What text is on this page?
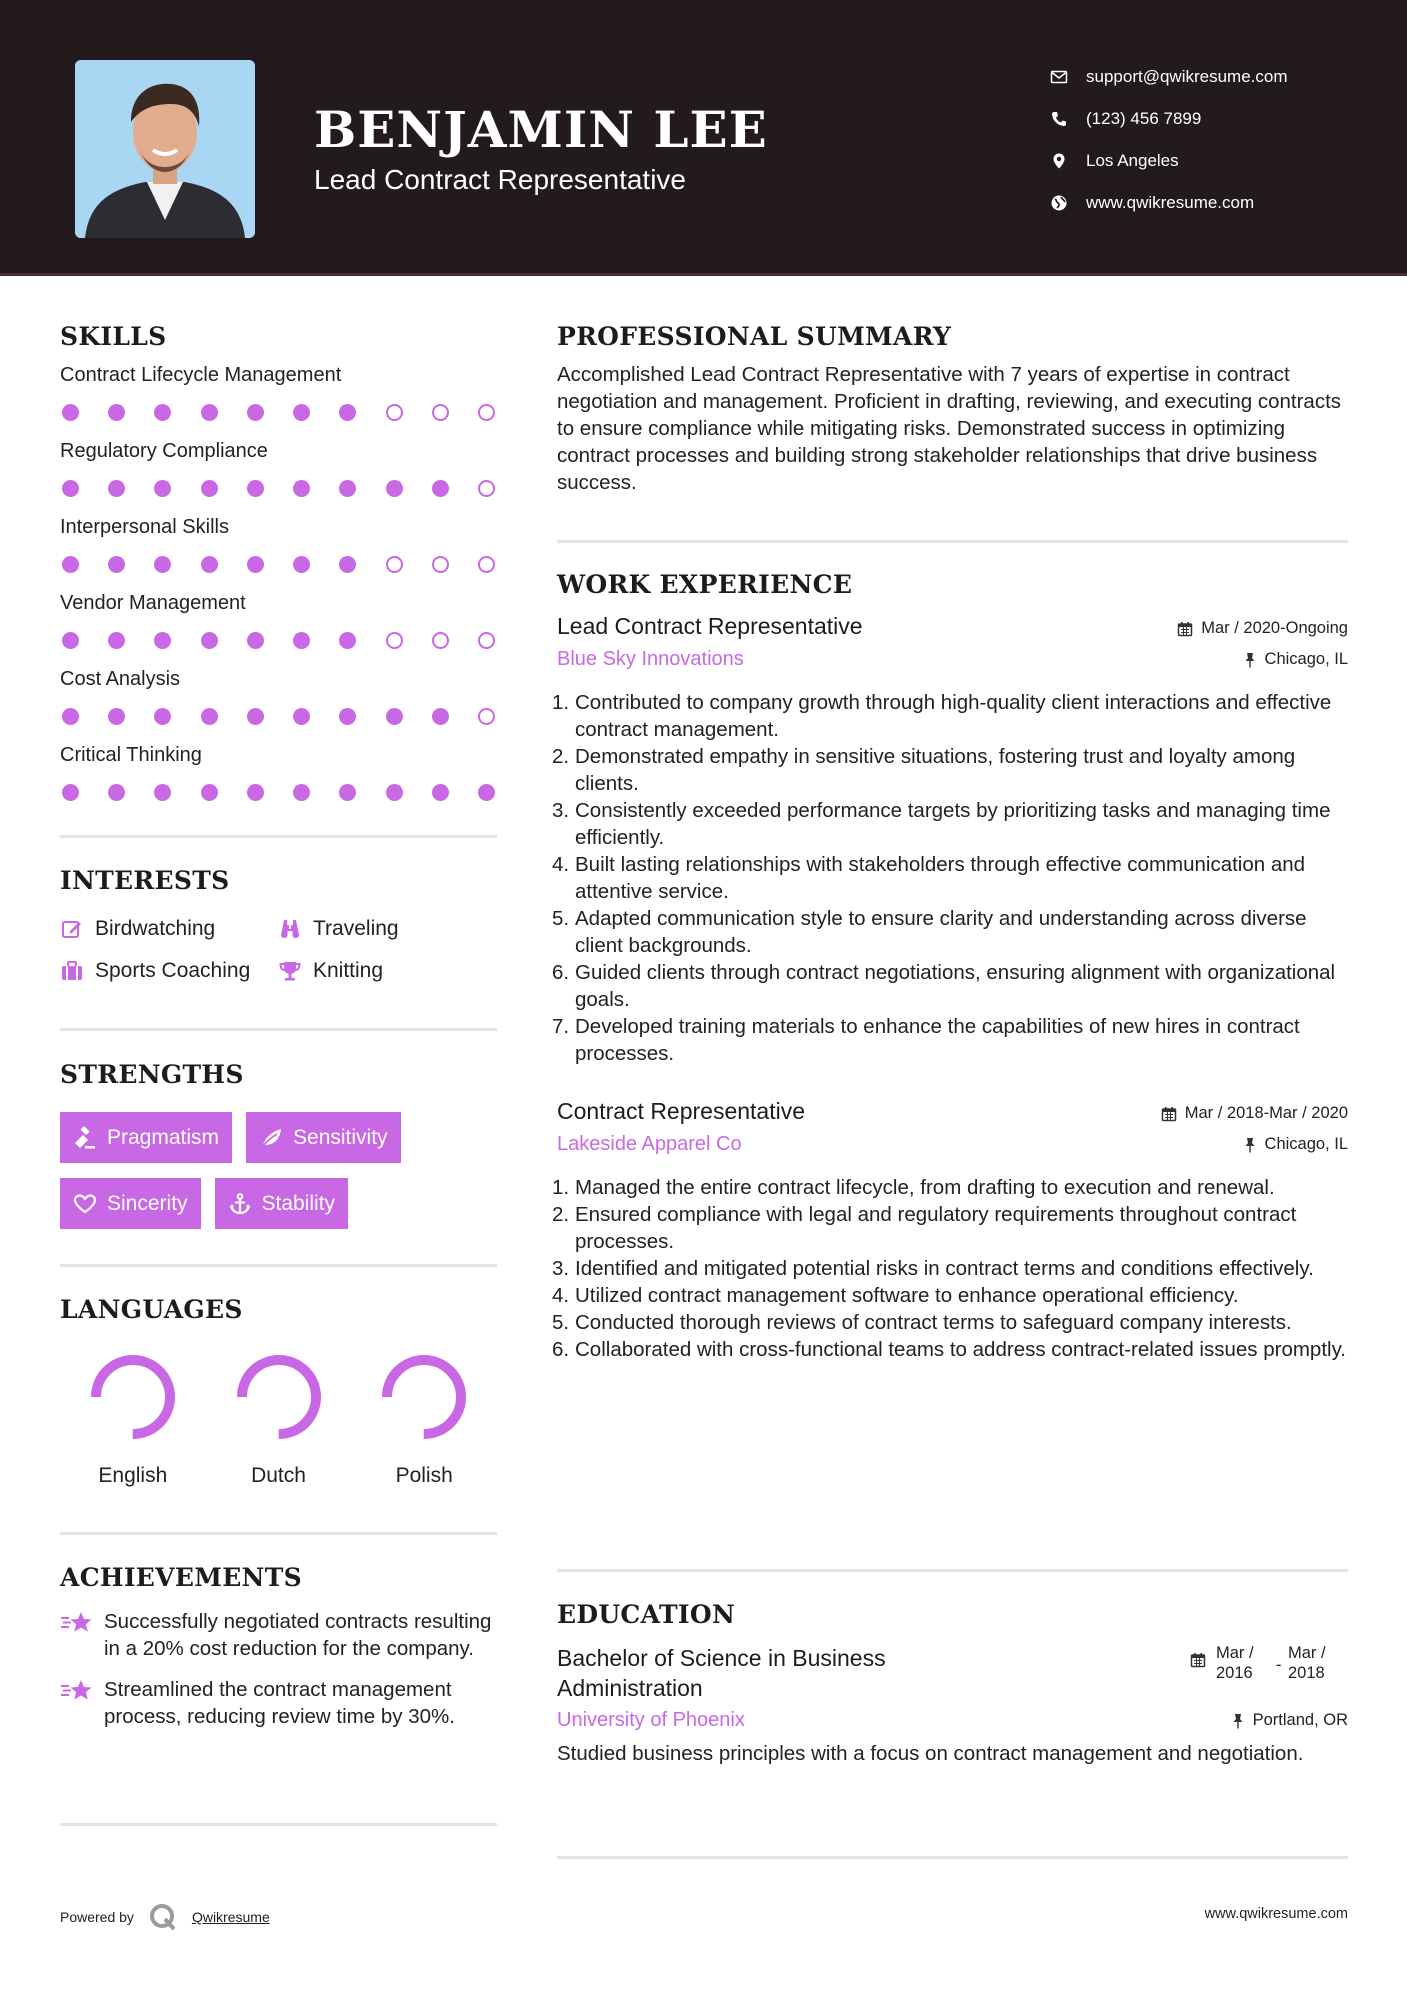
BENJAMIN LEE
Lead Contract Representative
support@qwikresume.com
(123) 456 7899
Los Angeles
www.qwikresume.com
SKILLS
Contract Lifecycle Management
Regulatory Compliance
Interpersonal Skills
Vendor Management
Cost Analysis
Critical Thinking
INTERESTS
Birdwatching	Traveling
Sports Coaching	Knitting
STRENGTHS
Pragmatism	Sensitivity
Sincerity	Stability
LANGUAGES
English	Dutch	Polish
ACHIEVEMENTS
Successfully negotiated contracts resulting in a 20% cost reduction for the company.
Streamlined the contract management process, reducing review time by 30%.
PROFESSIONAL SUMMARY
Accomplished Lead Contract Representative with 7 years of expertise in contract negotiation and management. Proficient in drafting, reviewing, and executing contracts to ensure compliance while mitigating risks. Demonstrated success in optimizing contract processes and building strong stakeholder relationships that drive business success.
WORK EXPERIENCE
Lead Contract Representative	Mar / 2020-Ongoing
Blue Sky Innovations	Chicago, IL
1. Contributed to company growth through high-quality client interactions and effective contract management.
2. Demonstrated empathy in sensitive situations, fostering trust and loyalty among clients.
3. Consistently exceeded performance targets by prioritizing tasks and managing time efficiently.
4. Built lasting relationships with stakeholders through effective communication and attentive service.
5. Adapted communication style to ensure clarity and understanding across diverse client backgrounds.
6. Guided clients through contract negotiations, ensuring alignment with organizational goals.
7. Developed training materials to enhance the capabilities of new hires in contract processes.
Contract Representative	Mar / 2018-Mar / 2020
Lakeside Apparel Co	Chicago, IL
1. Managed the entire contract lifecycle, from drafting to execution and renewal.
2. Ensured compliance with legal and regulatory requirements throughout contract processes.
3. Identified and mitigated potential risks in contract terms and conditions effectively.
4. Utilized contract management software to enhance operational efficiency.
5. Conducted thorough reviews of contract terms to safeguard company interests.
6. Collaborated with cross-functional teams to address contract-related issues promptly.
EDUCATION
Bachelor of Science in Business Administration
Mar / 2016	-
Mar / 2018
University of Phoenix	Portland, OR
Studied business principles with a focus on contract management and negotiation.
Powered by	Qwikresume	www.qwikresume.com
